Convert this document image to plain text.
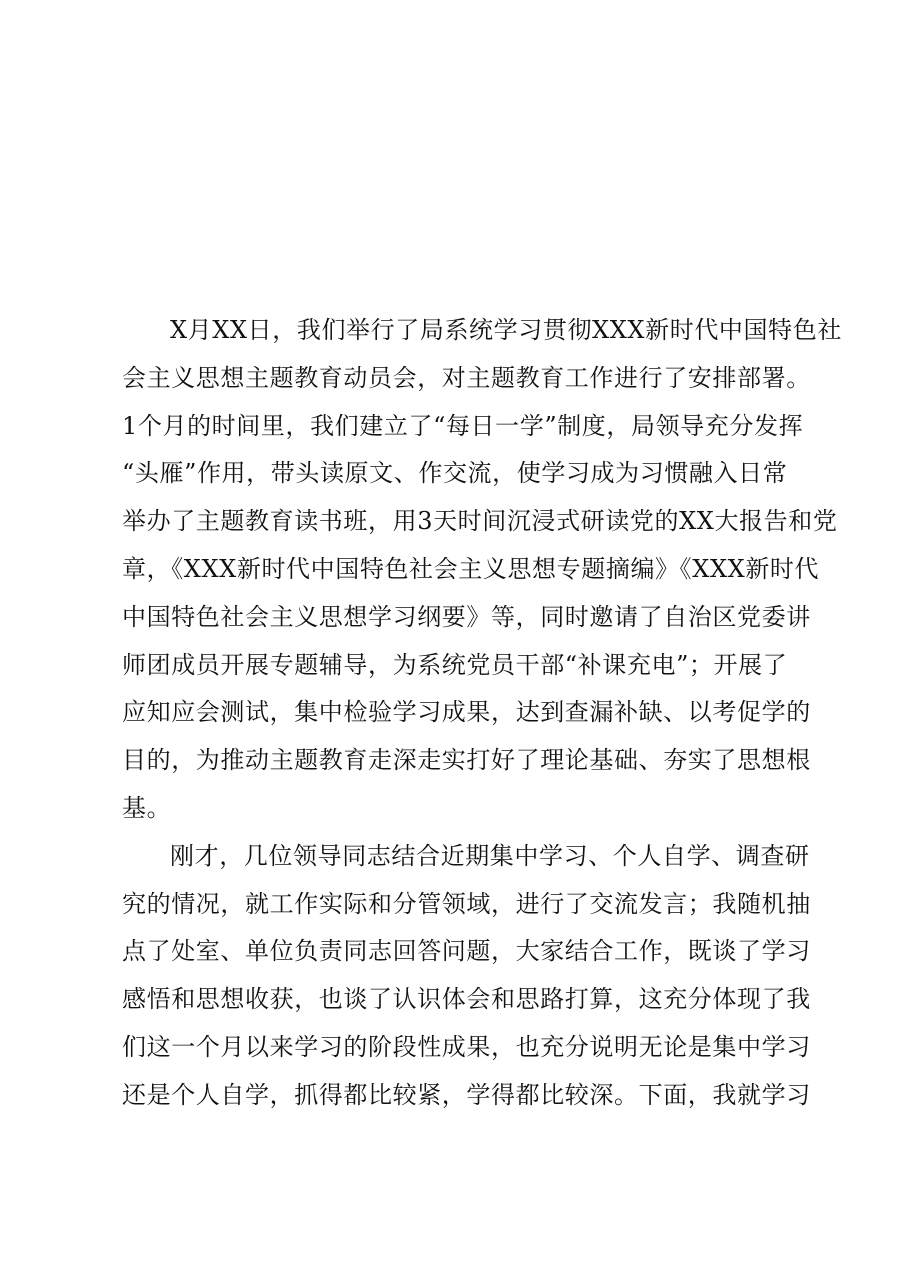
X月XX日，我们举行了局系统学习贯彻XXX新时代中国特色社
会主义思想主题教育动员会，对主题教育工作进行了安排部署。
1个月的时间里，我们建立了“每日一学”制度，局领导充分发挥
“头雁”作用，带头读原文、作交流，使学习成为习惯融入日常
举办了主题教育读书班，用3天时间沉浸式研读党的XX大报告和党
章，《XXX新时代中国特色社会主义思想专题摘编》《XXX新时代
中国特色社会主义思想学习纲要》等，同时邀请了自治区党委讲
师团成员开展专题辅导，为系统党员干部“补课充电”；开展了
应知应会测试，集中检验学习成果，达到查漏补缺、以考促学的
目的，为推动主题教育走深走实打好了理论基础、夯实了思想根
基。
刚才，几位领导同志结合近期集中学习、个人自学、调查研
究的情况，就工作实际和分管领域，进行了交流发言；我随机抽
点了处室、单位负责同志回答问题，大家结合工作，既谈了学习
感悟和思想收获，也谈了认识体会和思路打算，这充分体现了我
们这一个月以来学习的阶段性成果，也充分说明无论是集中学习
还是个人自学，抓得都比较紧，学得都比较深。下面，我就学习
